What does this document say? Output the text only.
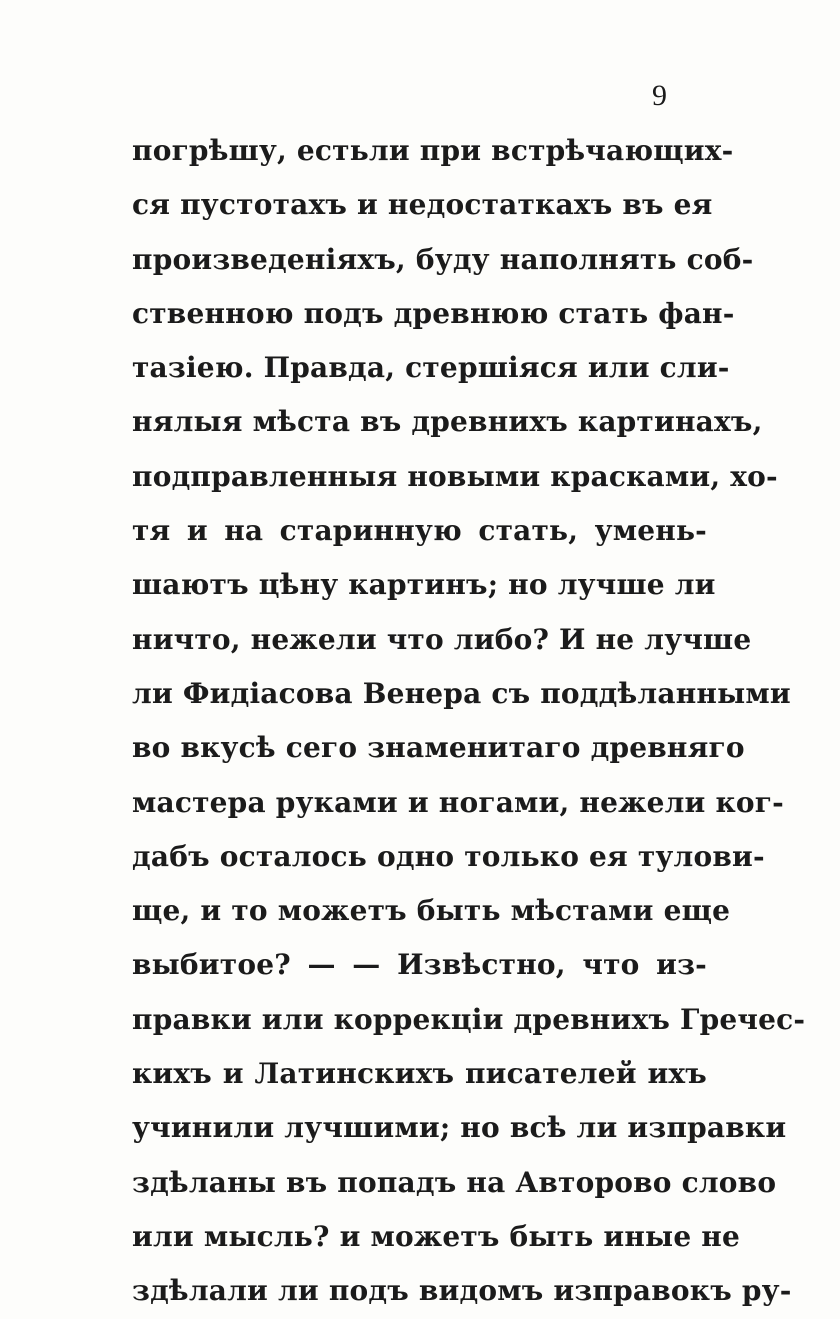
9
погрѣшу, естьли при встрѣчающих-
ся пустотахъ и недостаткахъ въ ея
произведенiяхъ, буду наполнять соб-
ственною подъ древнюю стать фан-
тазiею. Правда, стершiяся или сли-
нялыя мѣста въ древнихъ картинахъ,
подправленныя новыми красками, хо-
тя и на старинную стать, умень-
шаютъ цѣну картинъ; но лучше ли
ничто, нежели что либо? И не лучше
ли Фидiасова Венера съ поддѣланными
во вкусѣ сего знаменитаго древняго
мастера руками и ногами, нежели ког-
дабъ осталось одно только ея тулови-
ще, и то можетъ быть мѣстами еще
выбитое? — — Извѣстно, что из-
правки или коррекцiи древнихъ Гречес-
кихъ и Латинскихъ писателей ихъ
учинили лучшими; но всѣ ли изправки
здѣланы въ попадъ на Авторово слово
или мысль? и можетъ быть иные не
здѣлали ли подъ видомъ изправокъ ру-
